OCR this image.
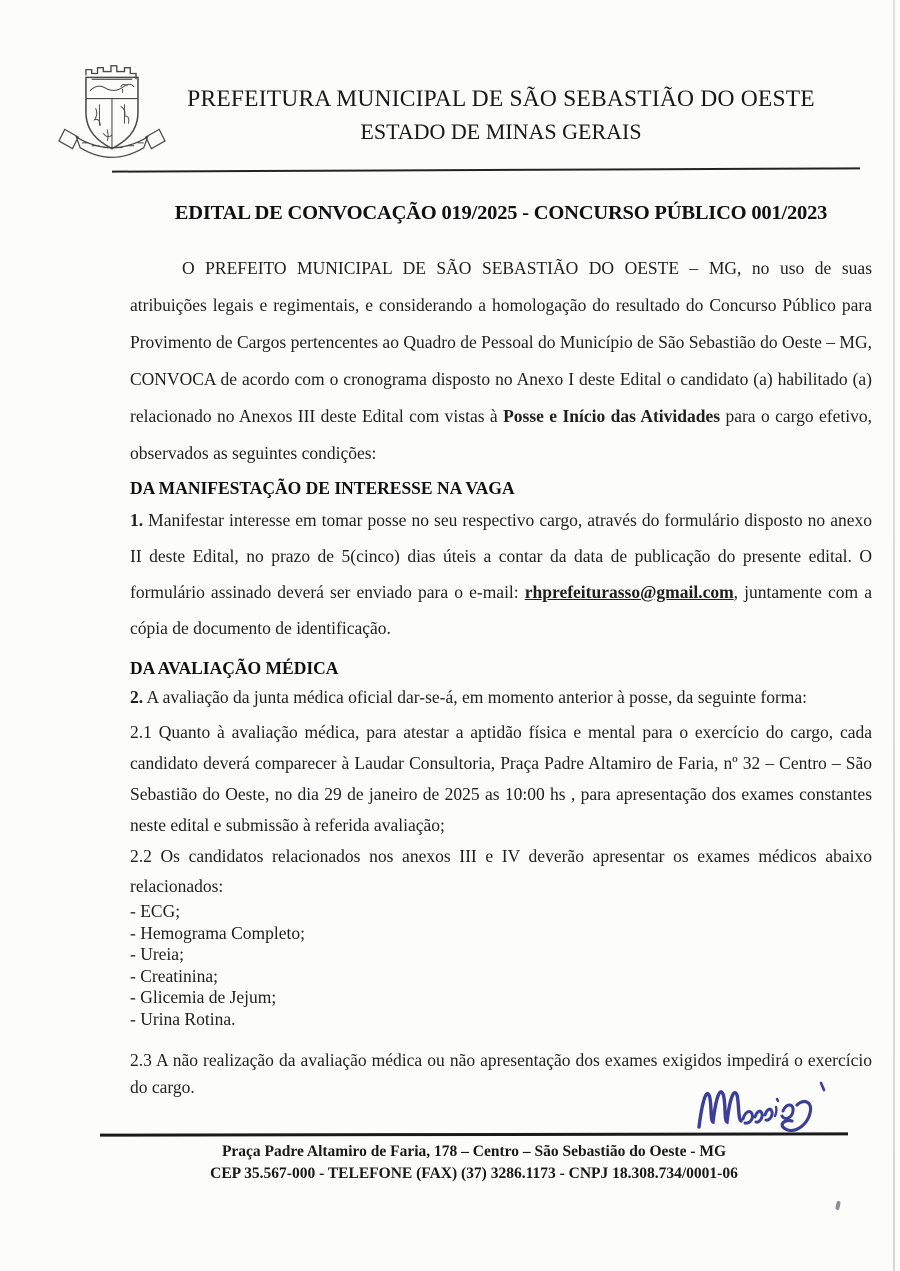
PREFEITURA MUNICIPAL DE SÃO SEBASTIÃO DO OESTE
ESTADO DE MINAS GERAIS
EDITAL DE CONVOCAÇÃO 019/2025 - CONCURSO PÚBLICO 001/2023

O PREFEITO MUNICIPAL DE SÃO SEBASTIÃO DO OESTE – MG, no uso de suas atribuições legais e regimentais, e considerando a homologação do resultado do Concurso Público para Provimento de Cargos pertencentes ao Quadro de Pessoal do Município de São Sebastião do Oeste – MG, CONVOCA de acordo com o cronograma disposto no Anexo I deste Edital o candidato (a) habilitado (a) relacionado no Anexos III deste Edital com vistas à Posse e Início das Atividades para o cargo efetivo, observados as seguintes condições:

DA MANIFESTAÇÃO DE INTERESSE NA VAGA

1. Manifestar interesse em tomar posse no seu respectivo cargo, através do formulário disposto no anexo II deste Edital, no prazo de 5(cinco) dias úteis a contar da data de publicação do presente edital. O formulário assinado deverá ser enviado para o e-mail: rhprefeiturasso@gmail.com, juntamente com a cópia de documento de identificação.

DA AVALIAÇÃO MÉDICA

2. A avaliação da junta médica oficial dar-se-á, em momento anterior à posse, da seguinte forma:

2.1 Quanto à avaliação médica, para atestar a aptidão física e mental para o exercício do cargo, cada candidato deverá comparecer à Laudar Consultoria, Praça Padre Altamiro de Faria, nº 32 – Centro – São Sebastião do Oeste, no dia 29 de janeiro de 2025 as 10:00 hs , para apresentação dos exames constantes neste edital e submissão à referida avaliação;

2.2 Os candidatos relacionados nos anexos III e IV deverão apresentar os exames médicos abaixo relacionados:

- ECG;
- Hemograma Completo;
- Ureia;
- Creatinina;
- Glicemia de Jejum;
- Urina Rotina.

2.3 A não realização da avaliação médica ou não apresentação dos exames exigidos impedirá o exercício do cargo.

Praça Padre Altamiro de Faria, 178 – Centro – São Sebastião do Oeste - MG
CEP 35.567-000 - TELEFONE (FAX) (37) 3286.1173 - CNPJ 18.308.734/0001-06
